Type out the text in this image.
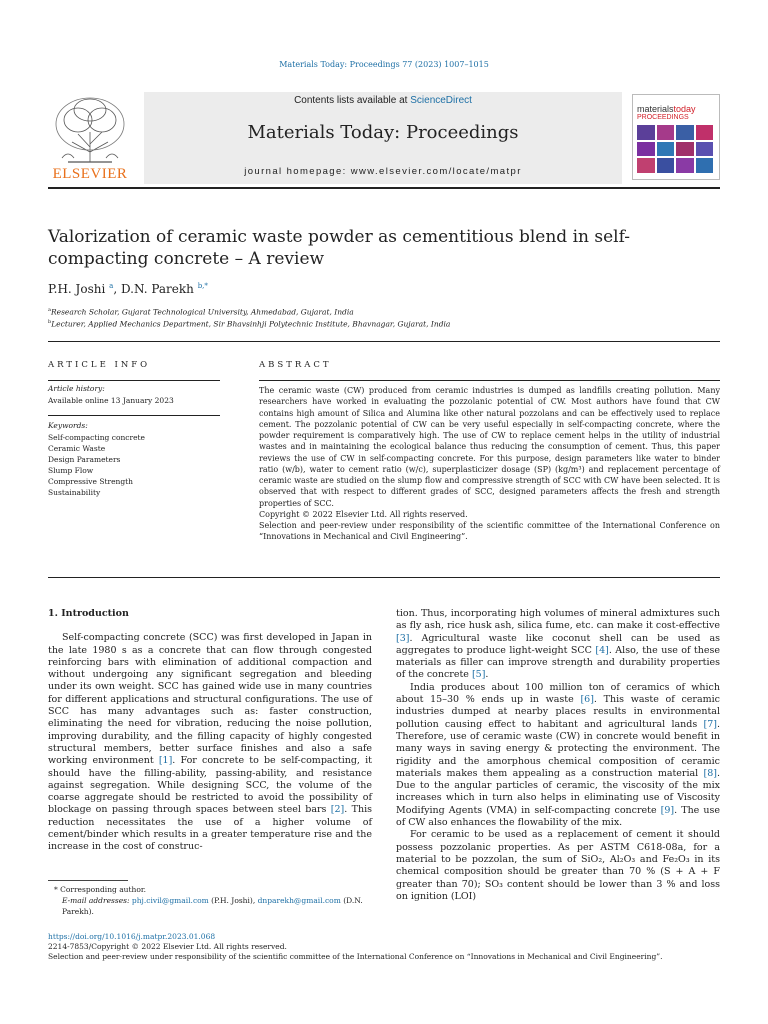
Materials Today: Proceedings 77 (2023) 1007–1015
ELSEVIER
Contents lists available at ScienceDirect
Materials Today: Proceedings
journal homepage: www.elsevier.com/locate/matpr
materialstoday
PROCEEDINGS
Valorization of ceramic waste powder as cementitious blend in self-compacting concrete – A review
P.H. Joshi $^a$, D.N. Parekh $^{b,*}$
$^a$Research Scholar, Gujarat Technological University, Ahmedabad, Gujarat, India
$^b$Lecturer, Applied Mechanics Department, Sir Bhavsinhji Polytechnic Institute, Bhavnagar, Gujarat, India
ARTICLE INFO
Article history:
Available online 13 January 2023
Keywords:
Self-compacting concrete
Ceramic Waste
Design Parameters
Slump Flow
Compressive Strength
Sustainability
ABSTRACT
The ceramic waste (CW) produced from ceramic industries is dumped as landfills creating pollution. Many researchers have worked in evaluating the pozzolanic potential of CW. Most authors have found that CW contains high amount of Silica and Alumina like other natural pozzolans and can be effectively used to replace cement. The pozzolanic potential of CW can be very useful especially in self-compacting concrete, where the powder requirement is comparatively high. The use of CW to replace cement helps in the utility of industrial wastes and in maintaining the ecological balance thus reducing the consumption of cement. Thus, this paper reviews the use of CW in self-compacting concrete. For this purpose, design parameters like water to binder ratio (w/b), water to cement ratio (w/c), superplasticizer dosage (SP) (kg/m³) and replacement percentage of ceramic waste are studied on the slump flow and compressive strength of SCC with CW have been selected. It is observed that with respect to different grades of SCC, designed parameters affects the fresh and strength properties of SCC.
Copyright © 2022 Elsevier Ltd. All rights reserved.
Selection and peer-review under responsibility of the scientific committee of the International Conference on “Innovations in Mechanical and Civil Engineering”.
1. Introduction

Self-compacting concrete (SCC) was first developed in Japan in the late 1980 s as a concrete that can flow through congested reinforcing bars with elimination of additional compaction and without undergoing any significant segregation and bleeding under its own weight. SCC has gained wide use in many countries for different applications and structural configurations. The use of SCC has many advantages such as: faster construction, eliminating the need for vibration, reducing the noise pollution, improving durability, and the filling capacity of highly congested structural members, better surface finishes and also a safe working environment [1]. For concrete to be self-compacting, it should have the filling-ability, passing-ability, and resistance against segregation. While designing SCC, the volume of the coarse aggregate should be restricted to avoid the possibility of blockage on passing through spaces between steel bars [2]. This reduction necessitates the use of a higher volume of cement/binder which results in a greater temperature rise and the increase in the cost of construc-

* Corresponding author.
E-mail addresses: phj.civil@gmail.com (P.H. Joshi), dnparekh@gmail.com (D.N. Parekh).

tion. Thus, incorporating high volumes of mineral admixtures such as fly ash, rice husk ash, silica fume, etc. can make it cost-effective [3]. Agricultural waste like coconut shell can be used as aggregates to produce light-weight SCC [4]. Also, the use of these materials as filler can improve strength and durability properties of the concrete [5].

India produces about 100 million ton of ceramics of which about 15–30 % ends up in waste [6]. This waste of ceramic industries dumped at nearby places results in environmental pollution causing effect to habitant and agricultural lands [7]. Therefore, use of ceramic waste (CW) in concrete would benefit in many ways in saving energy & protecting the environment. The rigidity and the amorphous chemical composition of ceramic materials makes them appealing as a construction material [8]. Due to the angular particles of ceramic, the viscosity of the mix increases which in turn also helps in eliminating use of Viscosity Modifying Agents (VMA) in self-compacting concrete [9]. The use of CW also enhances the flowability of the mix.

For ceramic to be used as a replacement of cement it should possess pozzolanic properties. As per ASTM C618-08a, for a material to be pozzolan, the sum of SiO₂, Al₂O₃ and Fe₂O₃ in its chemical composition should be greater than 70 % (S + A + F greater than 70); SO₃ content should be lower than 3 % and loss on ignition (LOI)

https://doi.org/10.1016/j.matpr.2023.01.068
2214-7853/Copyright © 2022 Elsevier Ltd. All rights reserved.
Selection and peer-review under responsibility of the scientific committee of the International Conference on “Innovations in Mechanical and Civil Engineering”.
